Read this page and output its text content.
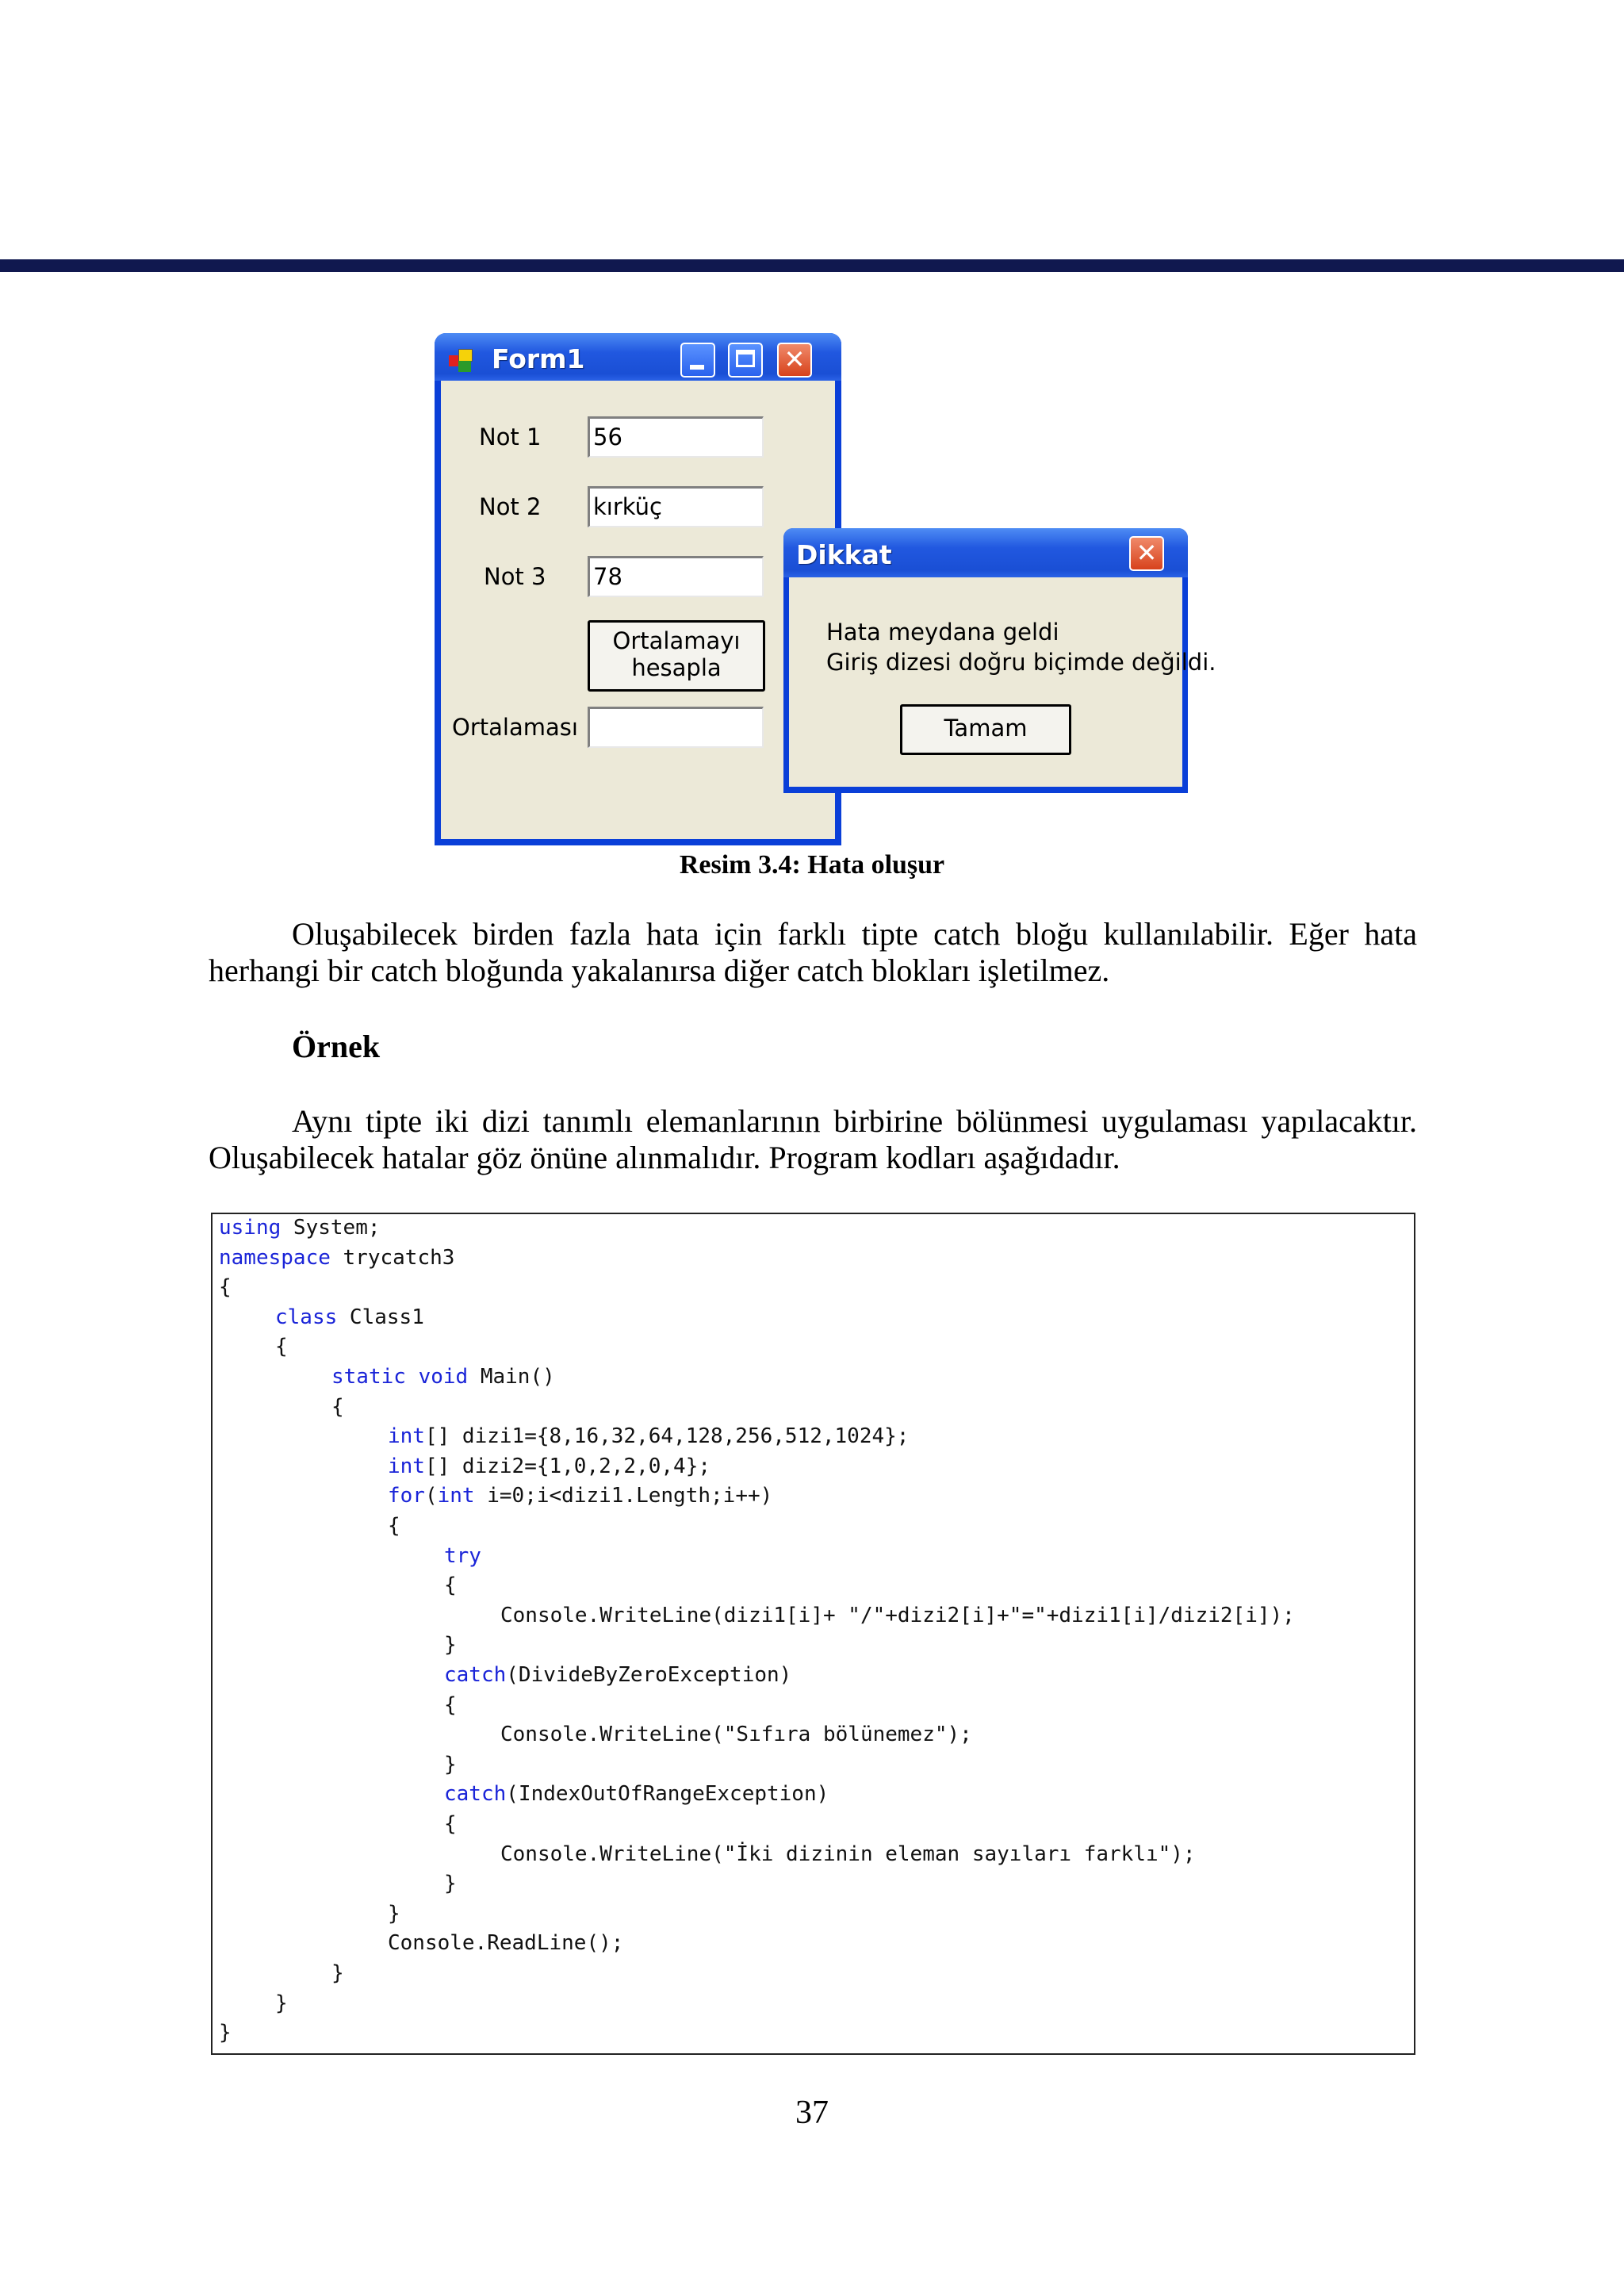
Form1	✕
Not 1 56
Not 2 kırküç
Not 3 78
Ortalamayı
hesapla
Ortalaması
Dikkat	✕
Hata meydana geldi
Giriş dizesi doğru biçimde değildi.
Tamam
Resim 3.4: Hata oluşur
Oluşabilecek birden fazla hata için farklı tipte catch bloğu kullanılabilir. Eğer hata
herhangi bir catch bloğunda yakalanırsa diğer catch blokları işletilmez.
Örnek
Aynı tipte iki dizi tanımlı elemanlarının birbirine bölünmesi uygulaması yapılacaktır.
Oluşabilecek hatalar göz önüne alınmalıdır. Program kodları aşağıdadır.
using System;
namespace trycatch3
{
class Class1
{
static void Main()
{
int[] dizi1={8,16,32,64,128,256,512,1024};
int[] dizi2={1,0,2,2,0,4};
for(int i=0;i<dizi1.Length;i++)
{
try
{
Console.WriteLine(dizi1[i]+ "/"+dizi2[i]+"="+dizi1[i]/dizi2[i]);
}
catch(DivideByZeroException)
{
Console.WriteLine("Sıfıra bölünemez");
}
catch(IndexOutOfRangeException)
{
Console.WriteLine("İki dizinin eleman sayıları farklı");
}
}
Console.ReadLine();
}
}
}
37
